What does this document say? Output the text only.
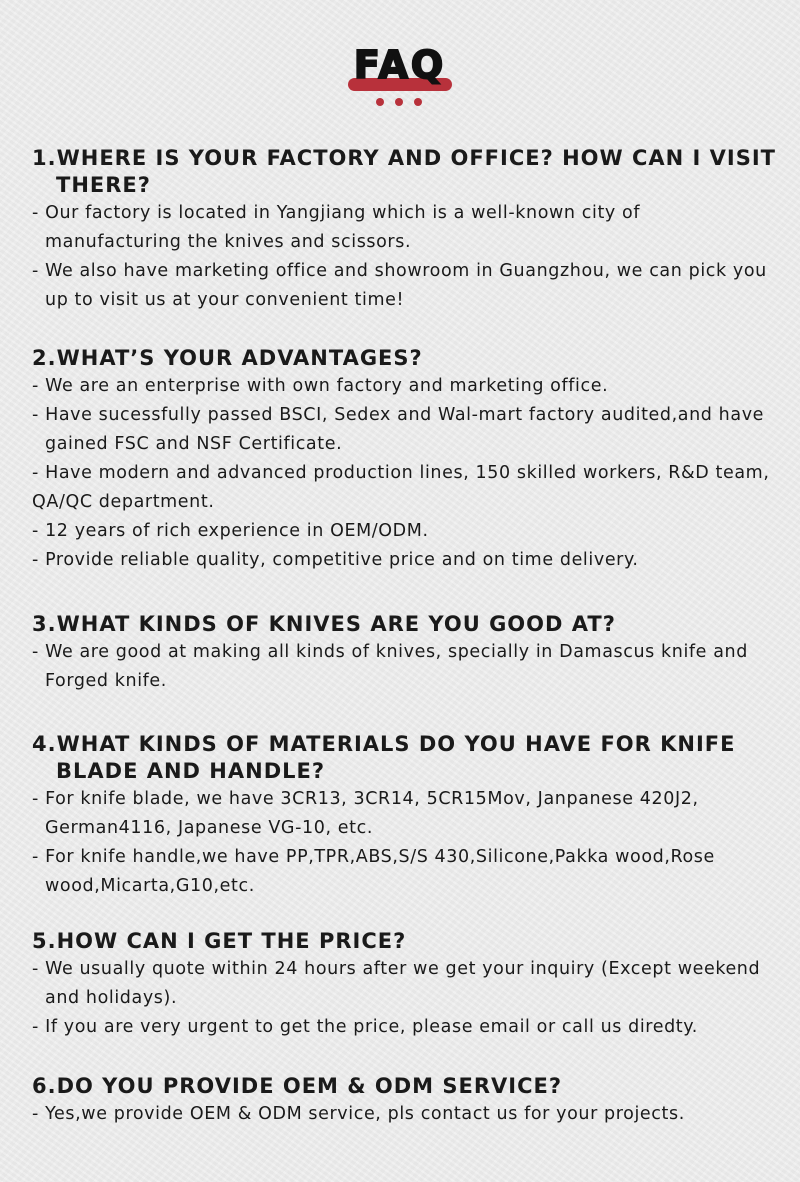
FAQ

1.WHERE IS YOUR FACTORY AND OFFICE? HOW CAN I VISIT THERE?

- Our factory is located in Yangjiang which is a well-known city of manufacturing the knives and scissors.

- We also have marketing office and showroom in Guangzhou, we can pick you up to visit us at your convenient time!

2.WHAT’S YOUR ADVANTAGES?

- We are an enterprise with own factory and marketing office.

- Have sucessfully passed BSCI, Sedex and Wal-mart factory audited,and have gained FSC and NSF Certificate.

- Have modern and advanced production lines, 150 skilled workers, R&D team, QA/QC department.

- 12 years of rich experience in OEM/ODM.

- Provide reliable quality, competitive price and on time delivery.

3.WHAT KINDS OF KNIVES ARE YOU GOOD AT?

- We are good at making all kinds of knives, specially in Damascus knife and Forged knife.

4.WHAT KINDS OF MATERIALS DO YOU HAVE FOR KNIFE BLADE AND HANDLE?

- For knife blade, we have 3CR13, 3CR14, 5CR15Mov, Janpanese 420J2, German4116, Japanese VG-10, etc.

- For knife handle,we have PP,TPR,ABS,S/S 430,Silicone,Pakka wood,Rose wood,Micarta,G10,etc.

5.HOW CAN I GET THE PRICE?

- We usually quote within 24 hours after we get your inquiry (Except weekend and holidays).

- If you are very urgent to get the price, please email or call us diredty.

6.DO YOU PROVIDE OEM & ODM SERVICE?

- Yes,we provide OEM & ODM service, pls contact us for your projects.
